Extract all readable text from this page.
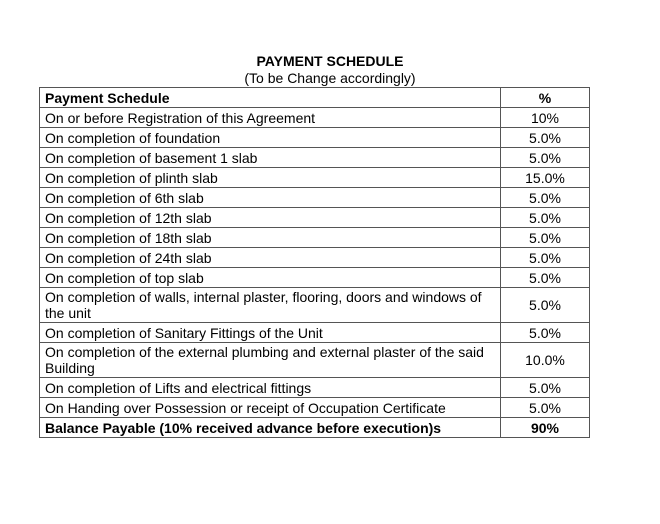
PAYMENT SCHEDULE
(To be Change accordingly)
Payment Schedule	%
On or before Registration of this Agreement	10%
On completion of foundation	5.0%
On completion of basement 1 slab	5.0%
On completion of plinth slab	15.0%
On completion of 6th slab	5.0%
On completion of 12th slab	5.0%
On completion of 18th slab	5.0%
On completion of 24th slab	5.0%
On completion of top slab	5.0%
On completion of walls, internal plaster, flooring, doors and windows of the unit	5.0%
On completion of Sanitary Fittings of the Unit	5.0%
On completion of the external plumbing and external plaster of the said Building	10.0%
On completion of Lifts and electrical fittings	5.0%
On Handing over Possession or receipt of Occupation Certificate	5.0%
Balance Payable (10% received advance before execution)s	90%
